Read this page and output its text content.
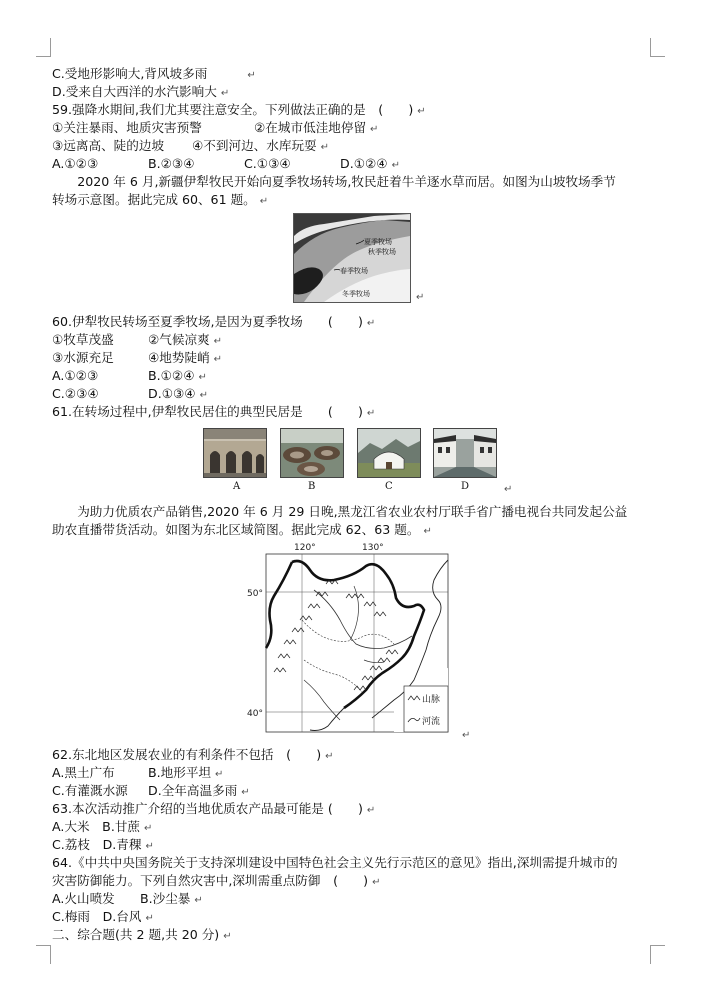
C.受地形影响大,背风坡多雨	↵
D.受来自大西洋的水汽影响大 ↵
59.强降水期间,我们尤其要注意安全。下列做法正确的是　(　　) ↵
①关注暴雨、地质灾害预警	②在城市低洼地停留 ↵
③远离高、陡的边坡 ④不到河边、水库玩耍 ↵
A.①②③	B.②③④	C.①③④	D.①②④ ↵
　　2020 年 6 月,新疆伊犁牧民开始向夏季牧场转场,牧民赶着牛羊逐水草而居。如图为山坡牧场季节
转场示意图。据此完成 60、61 题。 ↵
夏季牧场
秋季牧场
春季牧场
冬季牧场	↵
60.伊犁牧民转场至夏季牧场,是因为夏季牧场　　(　　) ↵
①牧草茂盛	②气候凉爽 ↵
③水源充足	④地势陡峭 ↵
A.①②③	B.①②④ ↵
C.②③④	D.①③④ ↵
61.在转场过程中,伊犁牧民居住的典型民居是　　(　　) ↵
A	B	C	D	↵
　　为助力优质农产品销售,2020 年 6 月 29 日晚,黑龙江省农业农村厅联手省广播电视台共同发起公益
助农直播带货活动。如图为东北区域简图。据此完成 62、63 题。 ↵
120°	130°
50°
40°
山脉
河流
↵
62.东北地区发展农业的有利条件不包括　(　　) ↵
A.黑土广布	B.地形平坦 ↵
C.有灌溉水源 D.全年高温多雨 ↵
63.本次活动推广介绍的当地优质农产品最可能是 (　　) ↵
A.大米　B.甘蔗 ↵
C.荔枝　D.青稞 ↵
64.《中共中央国务院关于支持深圳建设中国特色社会主义先行示范区的意见》指出,深圳需提升城市的
灾害防御能力。下列自然灾害中,深圳需重点防御　(　　) ↵
A.火山喷发　　B.沙尘暴 ↵
C.梅雨　D.台风 ↵
二、综合题(共 2 题,共 20 分) ↵
